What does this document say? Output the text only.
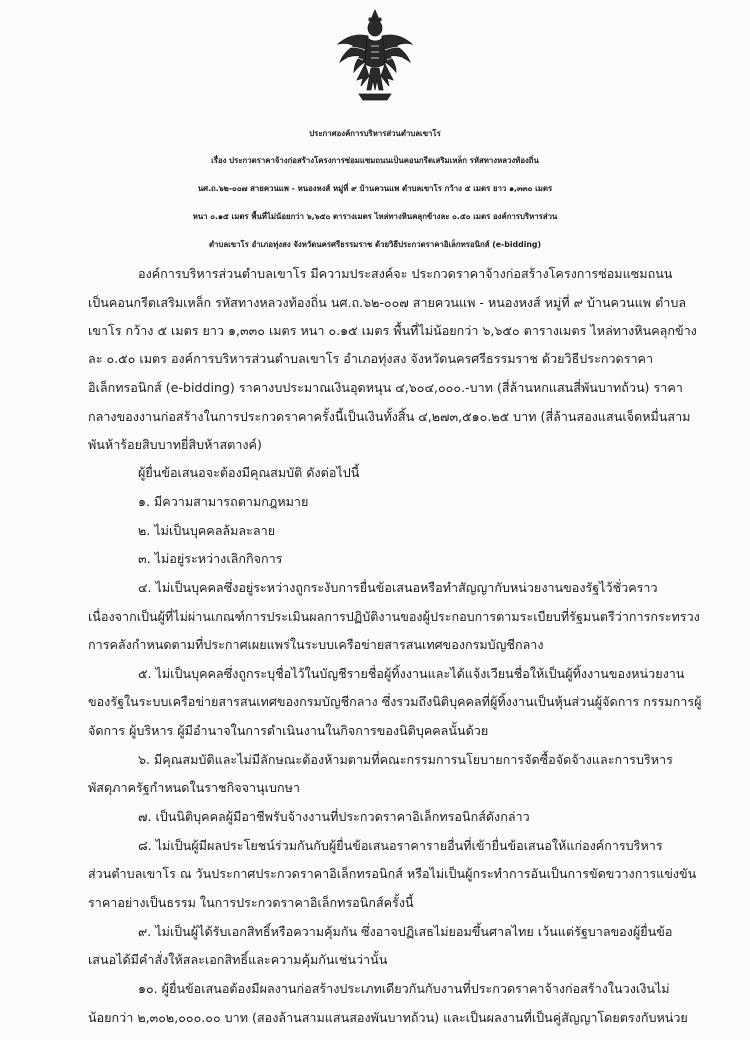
ประกาศองค์การบริหารส่วนตำบลเขาโร
เรื่อง ประกวดราคาจ้างก่อสร้างโครงการซ่อมแซมถนนเป็นคอนกรีตเสริมเหล็ก รหัสทางหลวงท้องถิ่น
นศ.ถ.๖๒-๐๐๗ สายควนแพ - หนองหงส์ หมู่ที่ ๙ บ้านควนแพ ตำบลเขาโร กว้าง ๕ เมตร ยาว ๑,๓๓๐ เมตร
หนา ๐.๑๕ เมตร พื้นที่ไม่น้อยกว่า ๖,๖๕๐ ตารางเมตร ไหล่ทางหินคลุกข้างละ ๐.๕๐ เมตร องค์การบริหารส่วน
ตำบลเขาโร อำเภอทุ่งสง จังหวัดนครศรีธรรมราช ด้วยวิธีประกวดราคาอิเล็กทรอนิกส์ (e-bidding)
องค์การบริหารส่วนตำบลเขาโร มีความประสงค์จะ ประกวดราคาจ้างก่อสร้างโครงการซ่อมแซมถนน
เป็นคอนกรีตเสริมเหล็ก รหัสทางหลวงท้องถิ่น นศ.ถ.๖๒-๐๐๗ สายควนแพ - หนองหงส์ หมู่ที่ ๙ บ้านควนแพ ตำบล
เขาโร กว้าง ๕ เมตร ยาว ๑,๓๓๐ เมตร หนา ๐.๑๕ เมตร พื้นที่ไม่น้อยกว่า ๖,๖๕๐ ตารางเมตร ไหล่ทางหินคลุกข้าง
ละ ๐.๕๐ เมตร องค์การบริหารส่วนตำบลเขาโร อำเภอทุ่งสง จังหวัดนครศรีธรรมราช ด้วยวิธีประกวดราคา
อิเล็กทรอนิกส์ (e-bidding) ราคางบประมาณเงินอุดหนุน ๔,๖๐๔,๐๐๐.-บาท (สี่ล้านหกแสนสี่พันบาทถ้วน) ราคา
กลางของงานก่อสร้างในการประกวดราคาครั้งนี้เป็นเงินทั้งสิ้น ๔,๒๗๓,๕๑๐.๒๕ บาท (สี่ล้านสองแสนเจ็ดหมื่นสาม
พันห้าร้อยสิบบาทยี่สิบห้าสตางค์)
ผู้ยื่นข้อเสนอจะต้องมีคุณสมบัติ ดังต่อไปนี้
๑. มีความสามารถตามกฎหมาย
๒. ไม่เป็นบุคคลล้มละลาย
๓. ไม่อยู่ระหว่างเลิกกิจการ
๔. ไม่เป็นบุคคลซึ่งอยู่ระหว่างถูกระงับการยื่นข้อเสนอหรือทำสัญญากับหน่วยงานของรัฐไว้ชั่วคราว
เนื่องจากเป็นผู้ที่ไม่ผ่านเกณฑ์การประเมินผลการปฏิบัติงานของผู้ประกอบการตามระเบียบที่รัฐมนตรีว่าการกระทรวง
การคลังกำหนดตามที่ประกาศเผยแพร่ในระบบเครือข่ายสารสนเทศของกรมบัญชีกลาง
๕. ไม่เป็นบุคคลซึ่งถูกระบุชื่อไว้ในบัญชีรายชื่อผู้ทิ้งงานและได้แจ้งเวียนชื่อให้เป็นผู้ทิ้งงานของหน่วยงาน
ของรัฐในระบบเครือข่ายสารสนเทศของกรมบัญชีกลาง ซึ่งรวมถึงนิติบุคคลที่ผู้ทิ้งงานเป็นหุ้นส่วนผู้จัดการ กรรมการผู้
จัดการ ผู้บริหาร ผู้มีอำนาจในการดำเนินงานในกิจการของนิติบุคคลนั้นด้วย
๖. มีคุณสมบัติและไม่มีลักษณะต้องห้ามตามที่คณะกรรมการนโยบายการจัดซื้อจัดจ้างและการบริหาร
พัสดุภาครัฐกำหนดในราชกิจจานุเบกษา
๗. เป็นนิติบุคคลผู้มีอาชีพรับจ้างงานที่ประกวดราคาอิเล็กทรอนิกส์ดังกล่าว
๘. ไม่เป็นผู้มีผลประโยชน์ร่วมกันกับผู้ยื่นข้อเสนอราคารายอื่นที่เข้ายื่นข้อเสนอให้แก่องค์การบริหาร
ส่วนตำบลเขาโร ณ วันประกาศประกวดราคาอิเล็กทรอนิกส์ หรือไม่เป็นผู้กระทำการอันเป็นการขัดขวางการแข่งขัน
ราคาอย่างเป็นธรรม ในการประกวดราคาอิเล็กทรอนิกส์ครั้งนี้
๙. ไม่เป็นผู้ได้รับเอกสิทธิ์หรือความคุ้มกัน ซึ่งอาจปฏิเสธไม่ยอมขึ้นศาลไทย เว้นแต่รัฐบาลของผู้ยื่นข้อ
เสนอได้มีคำสั่งให้สละเอกสิทธิ์และความคุ้มกันเช่นว่านั้น
๑๐. ผู้ยื่นข้อเสนอต้องมีผลงานก่อสร้างประเภทเดียวกันกับงานที่ประกวดราคาจ้างก่อสร้างในวงเงินไม่
น้อยกว่า ๒,๓๐๒,๐๐๐.๐๐ บาท (สองล้านสามแสนสองพันบาทถ้วน) และเป็นผลงานที่เป็นคู่สัญญาโดยตรงกับหน่วย
